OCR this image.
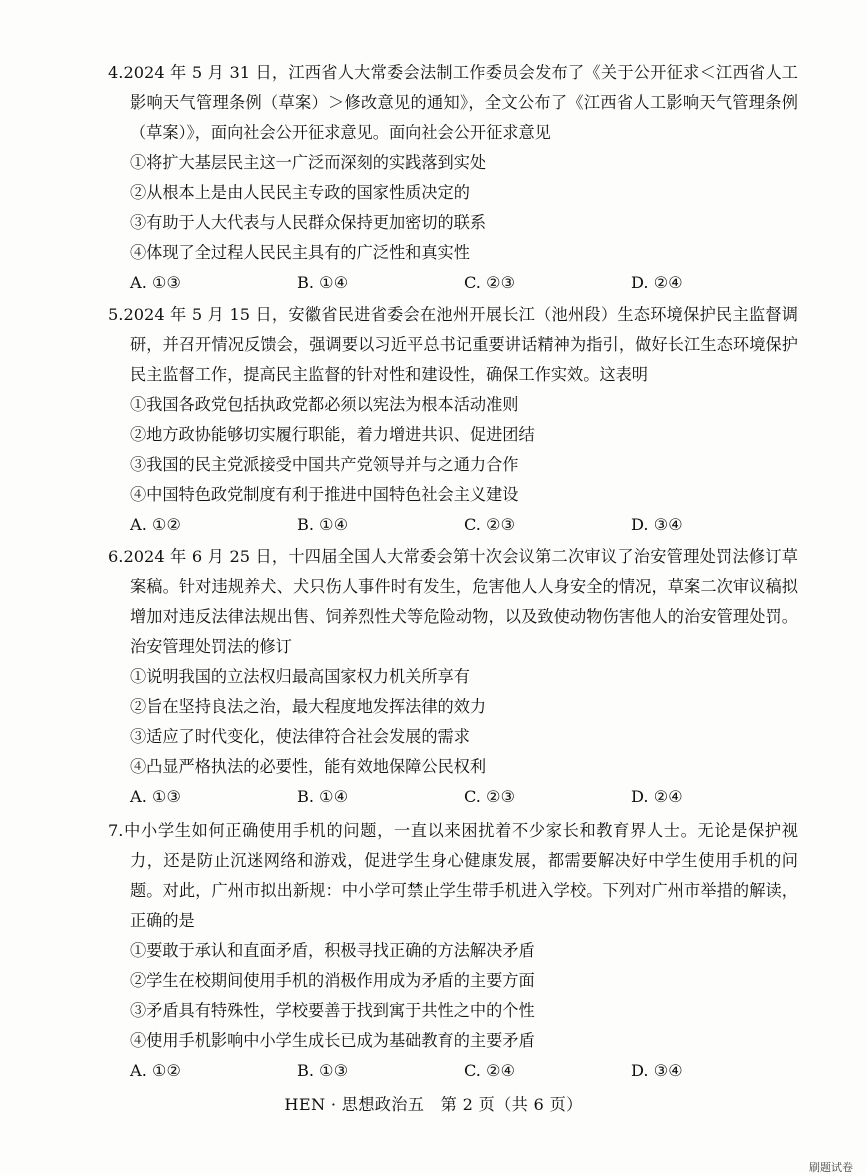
4.2024 年 5 月 31 日，江西省人大常委会法制工作委员会发布了《关于公开征求＜江西省人工影响天气管理条例（草案）＞修改意见的通知》，全文公布了《江西省人工影响天气管理条例（草案）》，面向社会公开征求意见。面向社会公开征求意见

①将扩大基层民主这一广泛而深刻的实践落到实处

②从根本上是由人民民主专政的国家性质决定的

③有助于人大代表与人民群众保持更加密切的联系

④体现了全过程人民民主具有的广泛性和真实性

A. ①③	B. ①④	C. ②③	D. ②④

5.2024 年 5 月 15 日，安徽省民进省委会在池州开展长江（池州段）生态环境保护民主监督调研，并召开情况反馈会，强调要以习近平总书记重要讲话精神为指引，做好长江生态环境保护民主监督工作，提高民主监督的针对性和建设性，确保工作实效。这表明

①我国各政党包括执政党都必须以宪法为根本活动准则

②地方政协能够切实履行职能，着力增进共识、促进团结

③我国的民主党派接受中国共产党领导并与之通力合作

④中国特色政党制度有利于推进中国特色社会主义建设

A. ①②	B. ①④	C. ②③	D. ③④

6.2024 年 6 月 25 日，十四届全国人大常委会第十次会议第二次审议了治安管理处罚法修订草案稿。针对违规养犬、犬只伤人事件时有发生，危害他人人身安全的情况，草案二次审议稿拟增加对违反法律法规出售、饲养烈性犬等危险动物，以及致使动物伤害他人的治安管理处罚。治安管理处罚法的修订

①说明我国的立法权归最高国家权力机关所享有

②旨在坚持良法之治，最大程度地发挥法律的效力

③适应了时代变化，使法律符合社会发展的需求

④凸显严格执法的必要性，能有效地保障公民权利

A. ①③	B. ①④	C. ②③	D. ②④

7.中小学生如何正确使用手机的问题，一直以来困扰着不少家长和教育界人士。无论是保护视力，还是防止沉迷网络和游戏，促进学生身心健康发展，都需要解决好中学生使用手机的问题。对此，广州市拟出新规：中小学可禁止学生带手机进入学校。下列对广州市举措的解读，正确的是

①要敢于承认和直面矛盾，积极寻找正确的方法解决矛盾

②学生在校期间使用手机的消极作用成为矛盾的主要方面

③矛盾具有特殊性，学校要善于找到寓于共性之中的个性

④使用手机影响中小学生成长已成为基础教育的主要矛盾

A. ①②	B. ①③	C. ②④	D. ③④
HEN · 思想政治五　第 2 页（共 6 页）
刷题试卷
